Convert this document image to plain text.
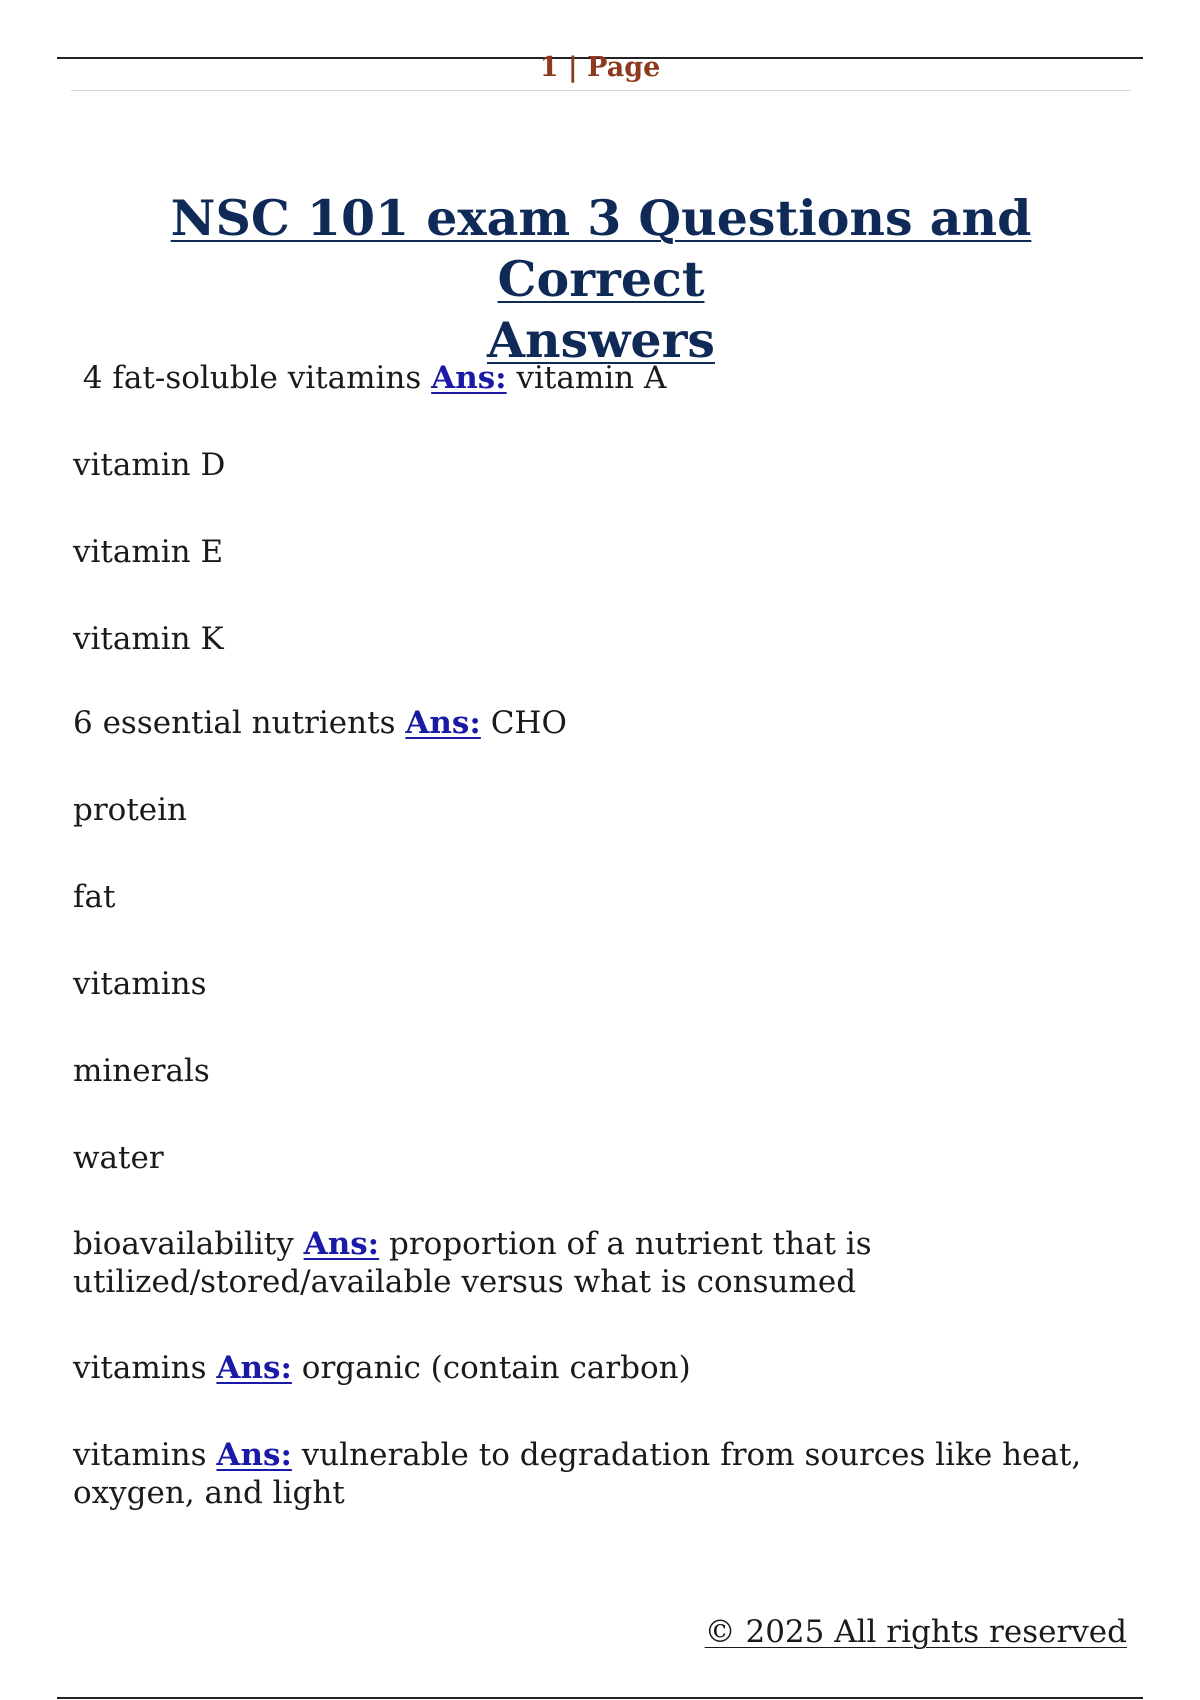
1 | Page
NSC 101 exam 3 Questions and Correct
Answers

4 fat-soluble vitamins Ans: vitamin A

vitamin D

vitamin E

vitamin K

6 essential nutrients Ans: CHO

protein

fat

vitamins

minerals

water

bioavailability Ans: proportion of a nutrient that is
utilized/stored/available versus what is consumed

vitamins Ans: organic (contain carbon)

vitamins Ans: vulnerable to degradation from sources like heat,
oxygen, and light

© 2025 All rights reserved
